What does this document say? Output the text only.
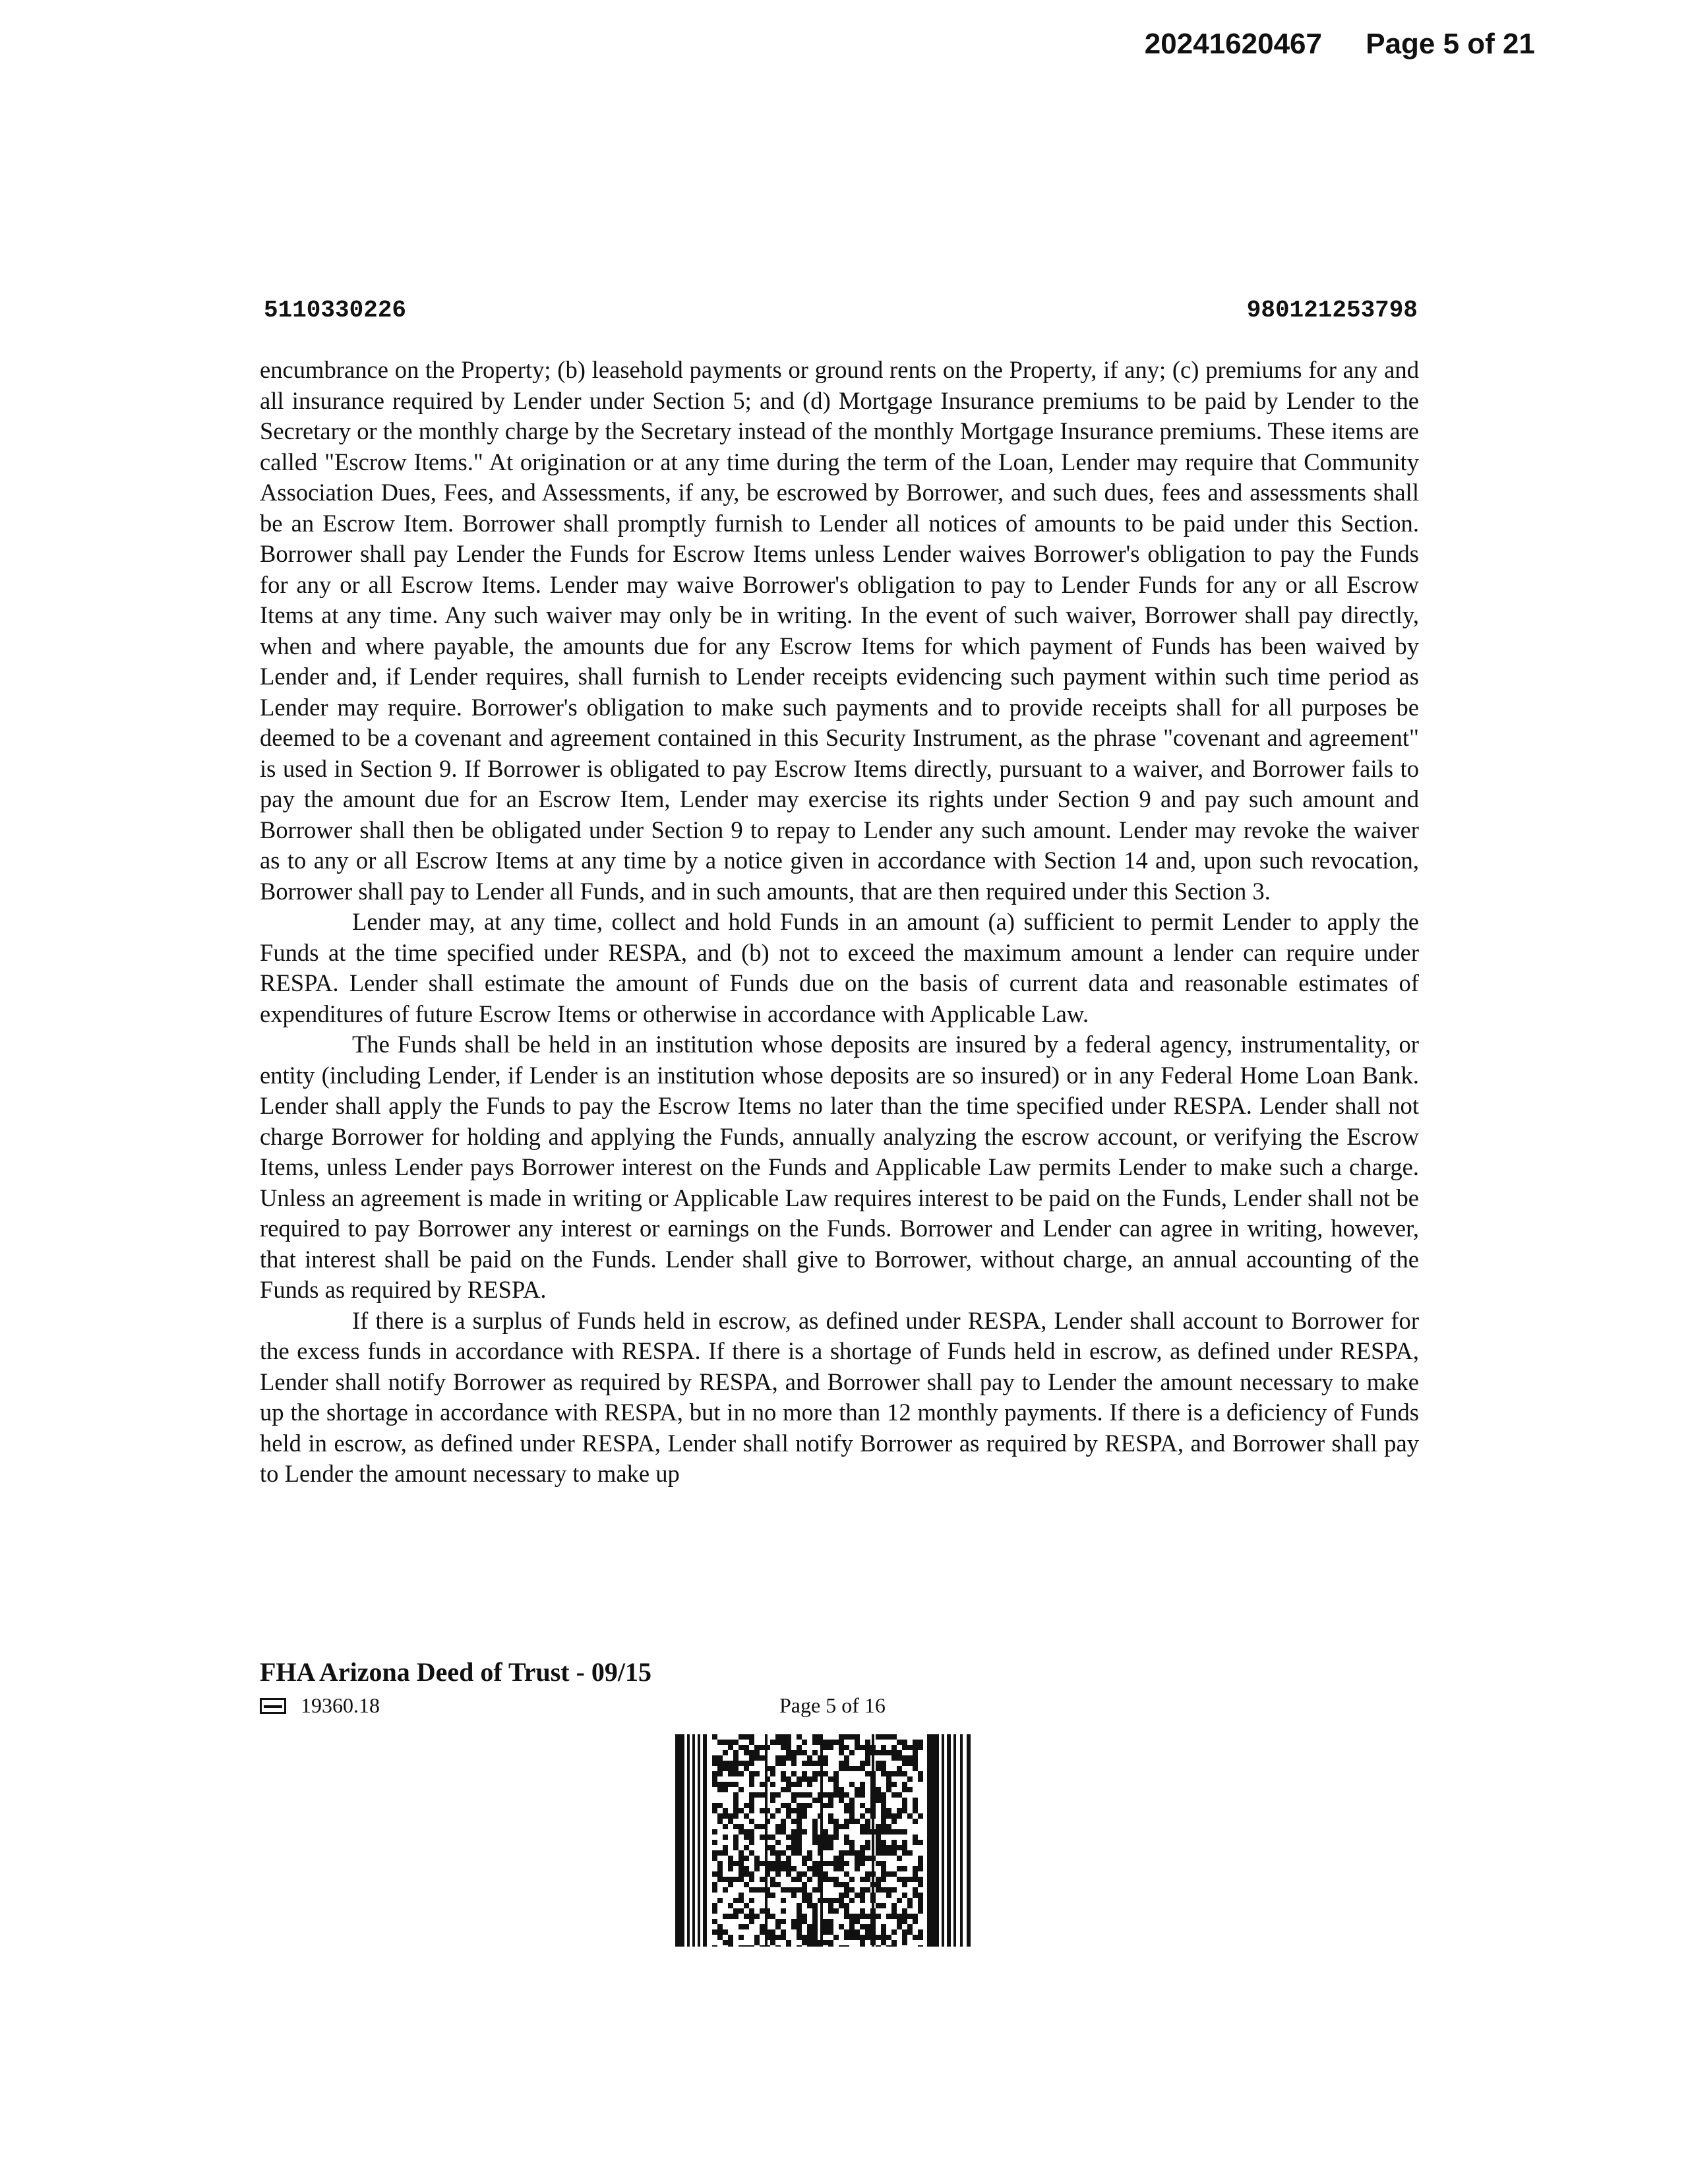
20241620467 Page 5 of 21
5110330226	980121253798

encumbrance on the Property; (b) leasehold payments or ground rents on the Property, if any; (c) premiums for any and all insurance required by Lender under Section 5; and (d) Mortgage Insurance premiums to be paid by Lender to the Secretary or the monthly charge by the Secretary instead of the monthly Mortgage Insurance premiums. These items are called "Escrow Items." At origination or at any time during the term of the Loan, Lender may require that Community Association Dues, Fees, and Assessments, if any, be escrowed by Borrower, and such dues, fees and assessments shall be an Escrow Item. Borrower shall promptly furnish to Lender all notices of amounts to be paid under this Section. Borrower shall pay Lender the Funds for Escrow Items unless Lender waives Borrower's obligation to pay the Funds for any or all Escrow Items. Lender may waive Borrower's obligation to pay to Lender Funds for any or all Escrow Items at any time. Any such waiver may only be in writing. In the event of such waiver, Borrower shall pay directly, when and where payable, the amounts due for any Escrow Items for which payment of Funds has been waived by Lender and, if Lender requires, shall furnish to Lender receipts evidencing such payment within such time period as Lender may require. Borrower's obligation to make such payments and to provide receipts shall for all purposes be deemed to be a covenant and agreement contained in this Security Instrument, as the phrase "covenant and agreement" is used in Section 9. If Borrower is obligated to pay Escrow Items directly, pursuant to a waiver, and Borrower fails to pay the amount due for an Escrow Item, Lender may exercise its rights under Section 9 and pay such amount and Borrower shall then be obligated under Section 9 to repay to Lender any such amount. Lender may revoke the waiver as to any or all Escrow Items at any time by a notice given in accordance with Section 14 and, upon such revocation, Borrower shall pay to Lender all Funds, and in such amounts, that are then required under this Section 3.

Lender may, at any time, collect and hold Funds in an amount (a) sufficient to permit Lender to apply the Funds at the time specified under RESPA, and (b) not to exceed the maximum amount a lender can require under RESPA. Lender shall estimate the amount of Funds due on the basis of current data and reasonable estimates of expenditures of future Escrow Items or otherwise in accordance with Applicable Law.

The Funds shall be held in an institution whose deposits are insured by a federal agency, instrumentality, or entity (including Lender, if Lender is an institution whose deposits are so insured) or in any Federal Home Loan Bank. Lender shall apply the Funds to pay the Escrow Items no later than the time specified under RESPA. Lender shall not charge Borrower for holding and applying the Funds, annually analyzing the escrow account, or verifying the Escrow Items, unless Lender pays Borrower interest on the Funds and Applicable Law permits Lender to make such a charge. Unless an agreement is made in writing or Applicable Law requires interest to be paid on the Funds, Lender shall not be required to pay Borrower any interest or earnings on the Funds. Borrower and Lender can agree in writing, however, that interest shall be paid on the Funds. Lender shall give to Borrower, without charge, an annual accounting of the Funds as required by RESPA.

If there is a surplus of Funds held in escrow, as defined under RESPA, Lender shall account to Borrower for the excess funds in accordance with RESPA. If there is a shortage of Funds held in escrow, as defined under RESPA, Lender shall notify Borrower as required by RESPA, and Borrower shall pay to Lender the amount necessary to make up the shortage in accordance with RESPA, but in no more than 12 monthly payments. If there is a deficiency of Funds held in escrow, as defined under RESPA, Lender shall notify Borrower as required by RESPA, and Borrower shall pay to Lender the amount necessary to make up

FHA Arizona Deed of Trust - 09/15
19360.18	Page 5 of 16
